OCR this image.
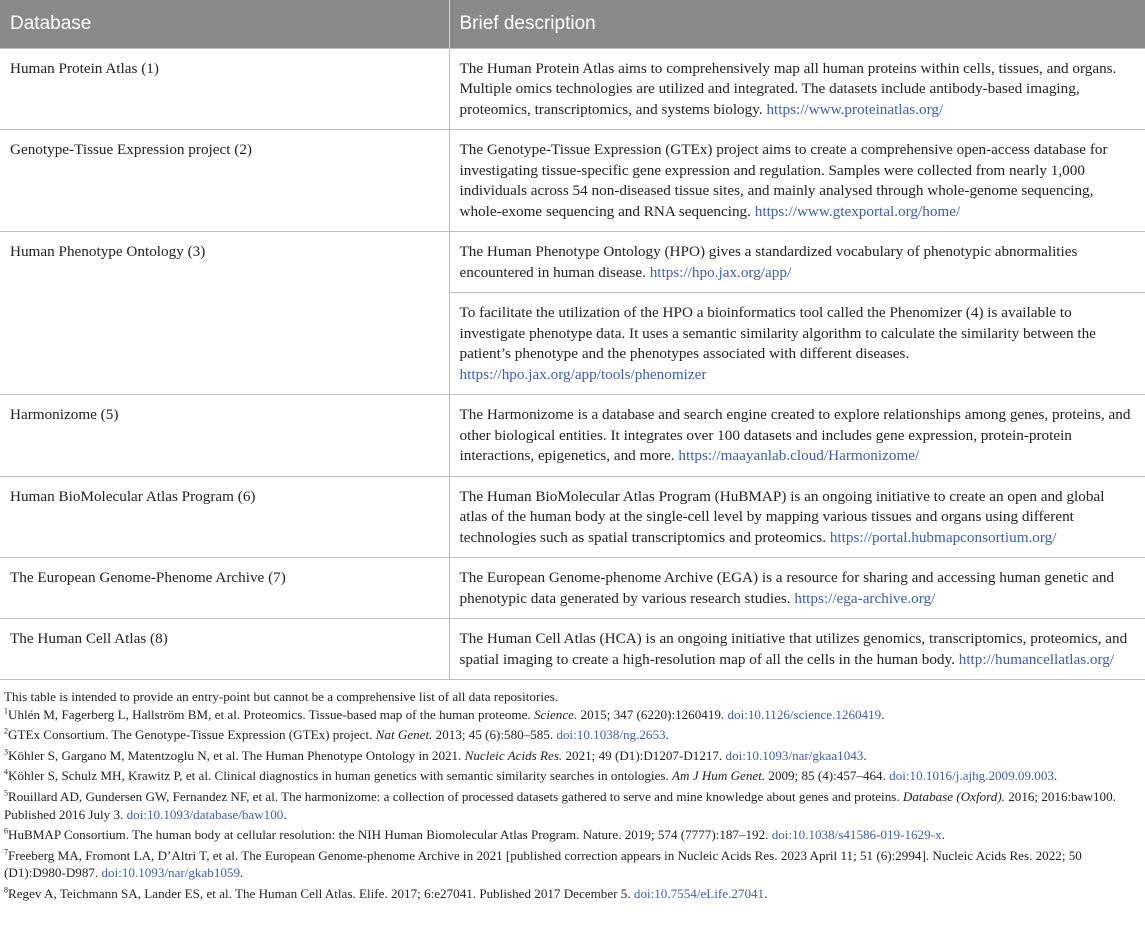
Database	Brief description
Human Protein Atlas (1)	The Human Protein Atlas aims to comprehensively map all human proteins within cells, tissues, and organs. Multiple omics technologies are utilized and integrated. The datasets include antibody-based imaging, proteomics, transcriptomics, and systems biology. https://www.proteinatlas.org/
Genotype-Tissue Expression project (2)	The Genotype-Tissue Expression (GTEx) project aims to create a comprehensive open-access database for investigating tissue-specific gene expression and regulation. Samples were collected from nearly 1,000 individuals across 54 non-diseased tissue sites, and mainly analysed through whole-genome sequencing, whole-exome sequencing and RNA sequencing. https://www.gtexportal.org/home/
Human Phenotype Ontology (3)	The Human Phenotype Ontology (HPO) gives a standardized vocabulary of phenotypic abnormalities encountered in human disease. https://hpo.jax.org/app/
	To facilitate the utilization of the HPO a bioinformatics tool called the Phenomizer (4) is available to investigate phenotype data. It uses a semantic similarity algorithm to calculate the similarity between the patient’s phenotype and the phenotypes associated with different diseases. https://hpo.jax.org/app/tools/phenomizer
Harmonizome (5)	The Harmonizome is a database and search engine created to explore relationships among genes, proteins, and other biological entities. It integrates over 100 datasets and includes gene expression, protein-protein interactions, epigenetics, and more. https://maayanlab.cloud/Harmonizome/
Human BioMolecular Atlas Program (6)	The Human BioMolecular Atlas Program (HuBMAP) is an ongoing initiative to create an open and global atlas of the human body at the single-cell level by mapping various tissues and organs using different technologies such as spatial transcriptomics and proteomics. https://portal.hubmapconsortium.org/
The European Genome-Phenome Archive (7)	The European Genome-phenome Archive (EGA) is a resource for sharing and accessing human genetic and phenotypic data generated by various research studies. https://ega-archive.org/
The Human Cell Atlas (8)	The Human Cell Atlas (HCA) is an ongoing initiative that utilizes genomics, transcriptomics, proteomics, and spatial imaging to create a high-resolution map of all the cells in the human body. http://humancellatlas.org/
This table is intended to provide an entry-point but cannot be a comprehensive list of all data repositories.
$^1$Uhlén M, Fagerberg L, Hallström BM, et al. Proteomics. Tissue-based map of the human proteome. Science. 2015; 347 (6220):1260419. doi:10.1126/science.1260419.
$^2$GTEx Consortium. The Genotype-Tissue Expression (GTEx) project. Nat Genet. 2013; 45 (6):580–585. doi:10.1038/ng.2653.
$^3$Köhler S, Gargano M, Matentzoglu N, et al. The Human Phenotype Ontology in 2021. Nucleic Acids Res. 2021; 49 (D1):D1207-D1217. doi:10.1093/nar/gkaa1043.
$^4$Köhler S, Schulz MH, Krawitz P, et al. Clinical diagnostics in human genetics with semantic similarity searches in ontologies. Am J Hum Genet. 2009; 85 (4):457–464. doi:10.1016/j.ajhg.2009.09.003.
$^5$Rouillard AD, Gundersen GW, Fernandez NF, et al. The harmonizome: a collection of processed datasets gathered to serve and mine knowledge about genes and proteins. Database (Oxford). 2016; 2016:baw100. Published 2016 July 3. doi:10.1093/database/baw100.
$^6$HuBMAP Consortium. The human body at cellular resolution: the NIH Human Biomolecular Atlas Program. Nature. 2019; 574 (7777):187–192. doi:10.1038/s41586-019-1629-x.
$^7$Freeberg MA, Fromont LA, D’Altri T, et al. The European Genome-phenome Archive in 2021 [published correction appears in Nucleic Acids Res. 2023 April 11; 51 (6):2994]. Nucleic Acids Res. 2022; 50 (D1):D980-D987. doi:10.1093/nar/gkab1059.
$^8$Regev A, Teichmann SA, Lander ES, et al. The Human Cell Atlas. Elife. 2017; 6:e27041. Published 2017 December 5. doi:10.7554/eLife.27041.
